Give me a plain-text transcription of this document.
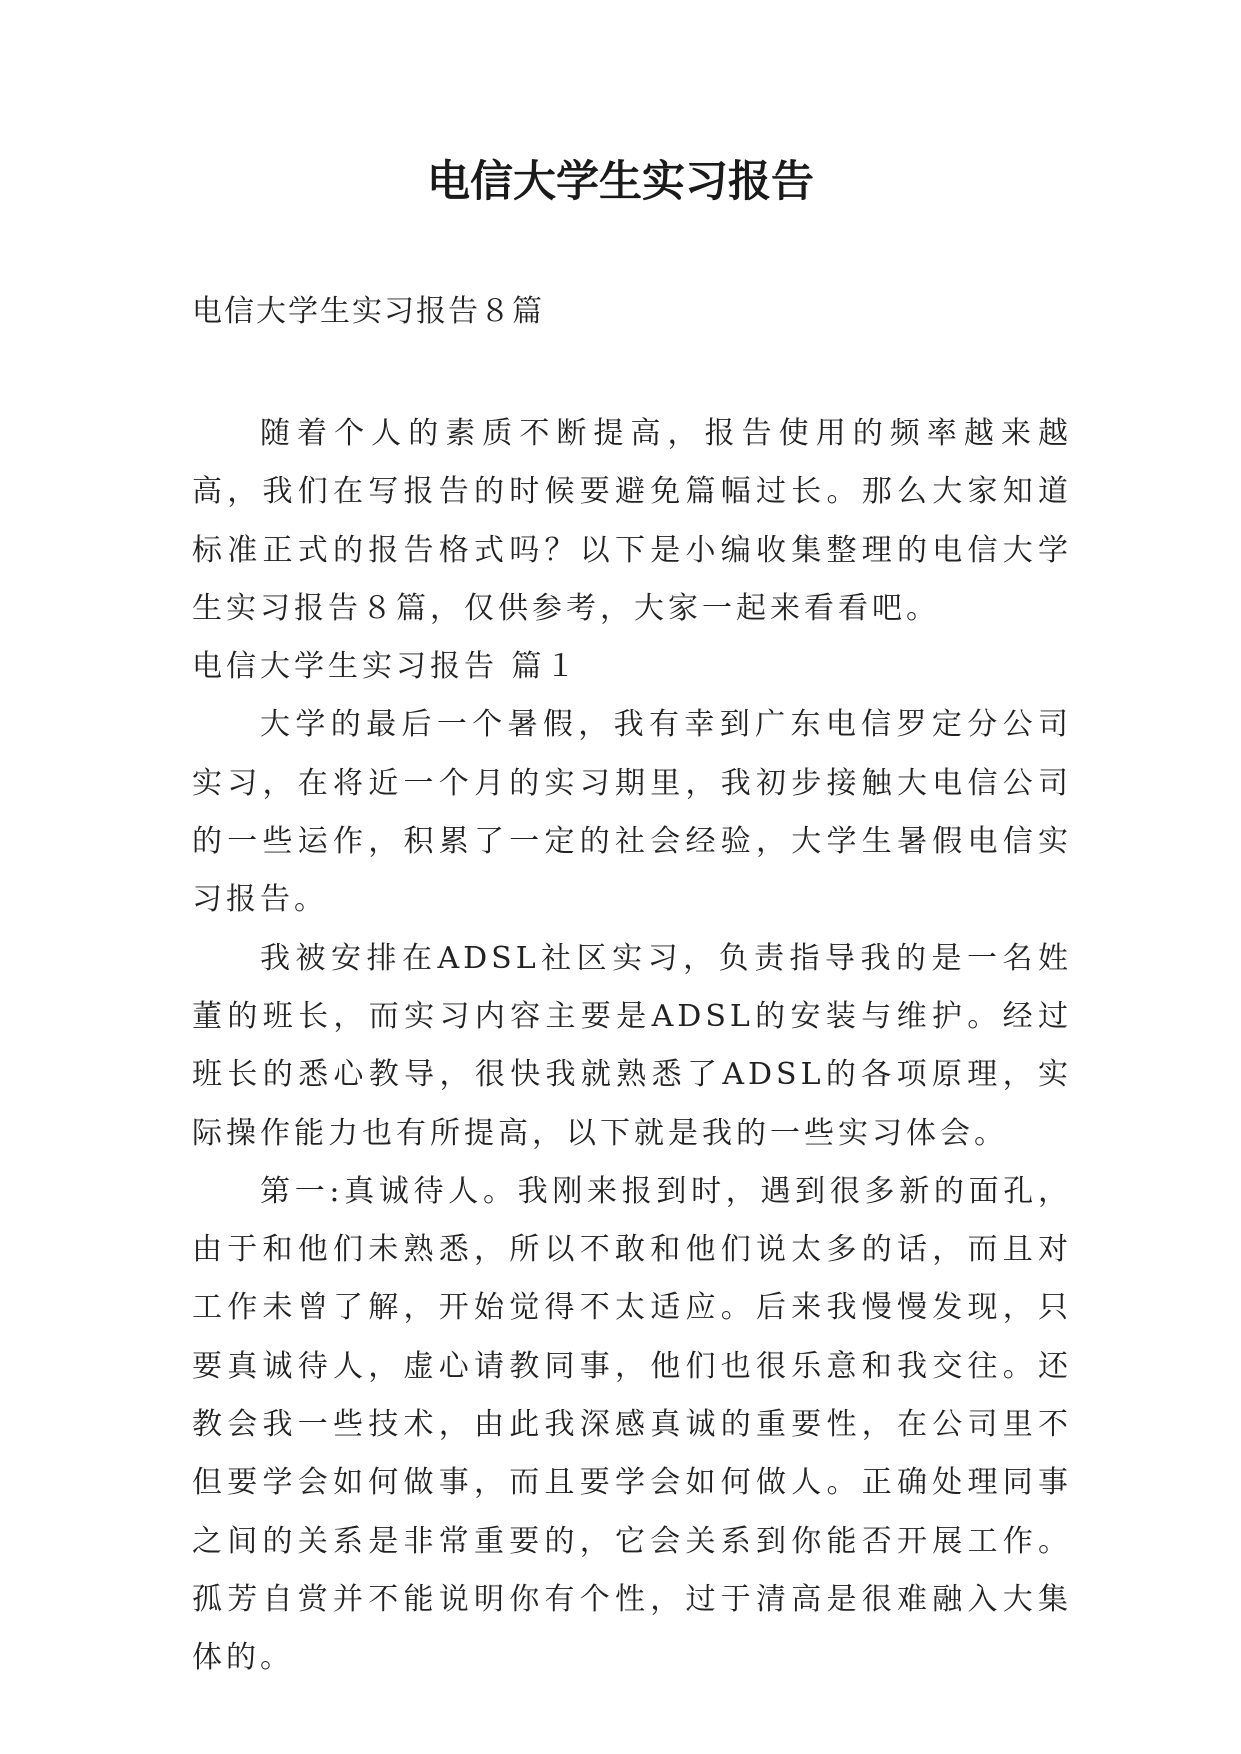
电信大学生实习报告

电信大学生实习报告８篇

随着个人的素质不断提高，报告使用的频率越来越高，我们在写报告的时候要避免篇幅过长。那么大家知道标准正式的报告格式吗？以下是小编收集整理的电信大学生实习报告８篇，仅供参考，大家一起来看看吧。

电信大学生实习报告 篇１

大学的最后一个暑假，我有幸到广东电信罗定分公司实习，在将近一个月的实习期里，我初步接触大电信公司的一些运作，积累了一定的社会经验，大学生暑假电信实习报告。

我被安排在ADSL社区实习，负责指导我的是一名姓董的班长，而实习内容主要是ADSL的安装与维护。经过班长的悉心教导，很快我就熟悉了ADSL的各项原理，实际操作能力也有所提高，以下就是我的一些实习体会。

第一:真诚待人。我刚来报到时，遇到很多新的面孔，由于和他们未熟悉，所以不敢和他们说太多的话，而且对工作未曾了解，开始觉得不太适应。后来我慢慢发现，只要真诚待人，虚心请教同事，他们也很乐意和我交往。还教会我一些技术，由此我深感真诚的重要性，在公司里不但要学会如何做事，而且要学会如何做人。正确处理同事之间的关系是非常重要的，它会关系到你能否开展工作。孤芳自赏并不能说明你有个性，过于清高是很难融入大集体的。
